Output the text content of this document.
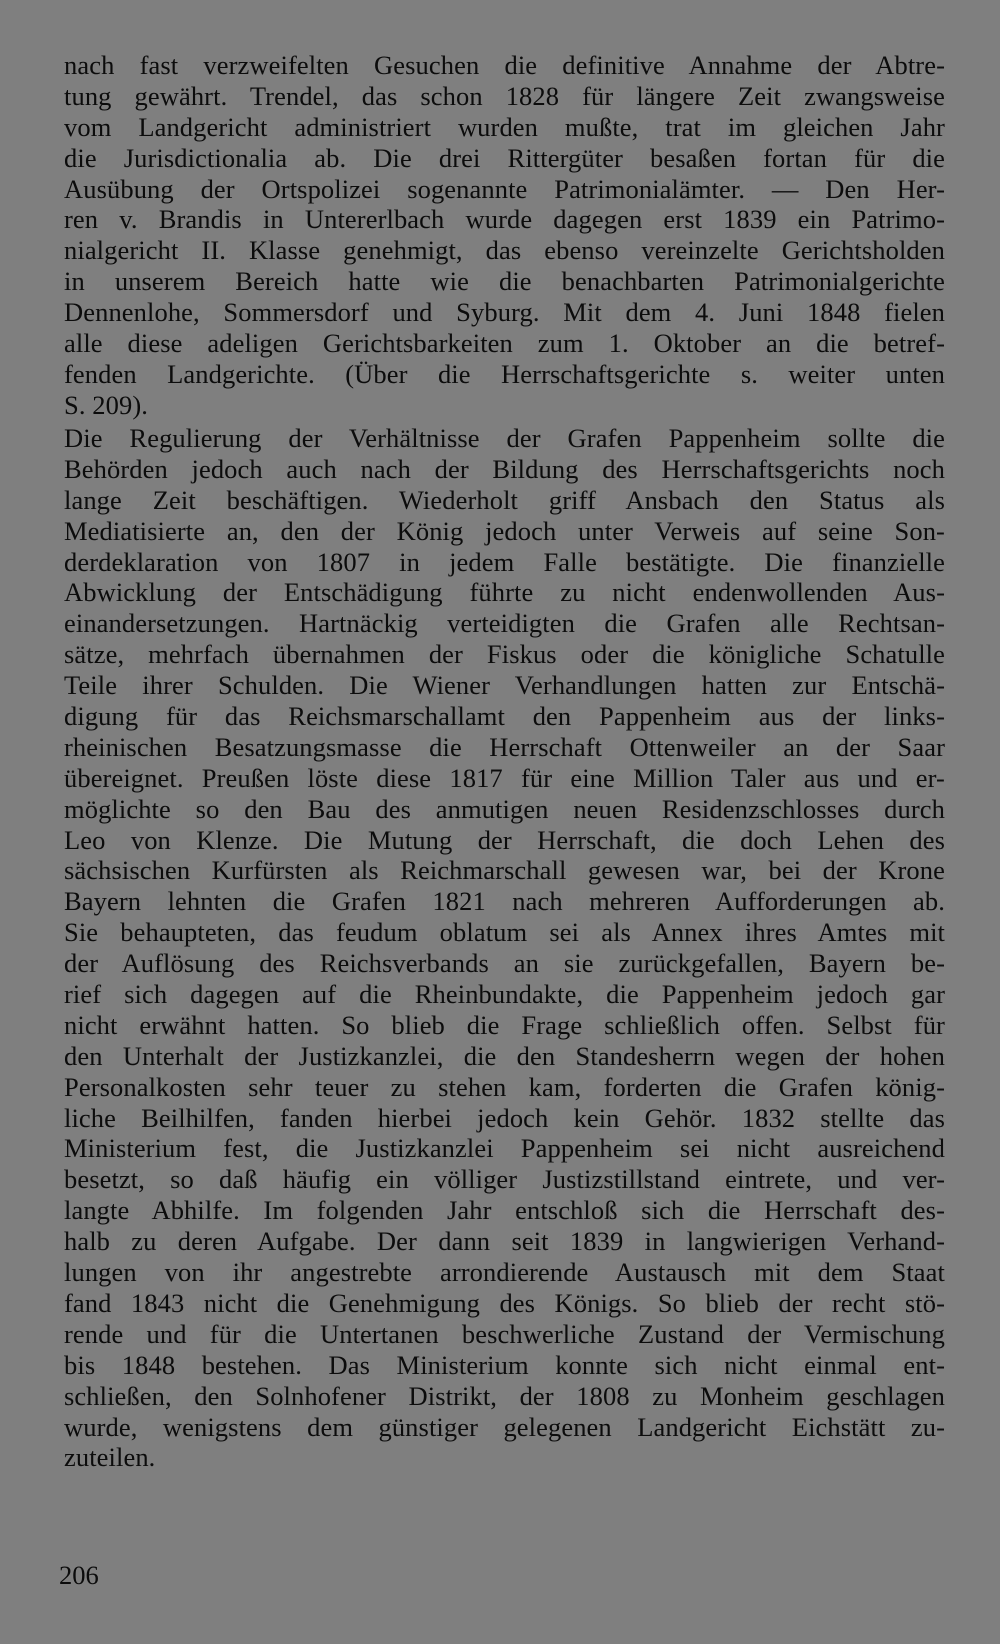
nach fast verzweifelten Gesuchen die definitive Annahme der Abtre-
tung gewährt. Trendel, das schon 1828 für längere Zeit zwangsweise
vom Landgericht administriert wurden mußte, trat im gleichen Jahr
die Jurisdictionalia ab. Die drei Rittergüter besaßen fortan für die
Ausübung der Ortspolizei sogenannte Patrimonialämter. — Den Her-
ren v. Brandis in Untererlbach wurde dagegen erst 1839 ein Patrimo-
nialgericht II. Klasse genehmigt, das ebenso vereinzelte Gerichtsholden
in unserem Bereich hatte wie die benachbarten Patrimonialgerichte
Dennenlohe, Sommersdorf und Syburg. Mit dem 4. Juni 1848 fielen
alle diese adeligen Gerichtsbarkeiten zum 1. Oktober an die betref-
fenden Landgerichte. (Über die Herrschaftsgerichte s. weiter unten
S. 209).
Die Regulierung der Verhältnisse der Grafen Pappenheim sollte die
Behörden jedoch auch nach der Bildung des Herrschaftsgerichts noch
lange Zeit beschäftigen. Wiederholt griff Ansbach den Status als
Mediatisierte an, den der König jedoch unter Verweis auf seine Son-
derdeklaration von 1807 in jedem Falle bestätigte. Die finanzielle
Abwicklung der Entschädigung führte zu nicht endenwollenden Aus-
einandersetzungen. Hartnäckig verteidigten die Grafen alle Rechtsan-
sätze, mehrfach übernahmen der Fiskus oder die königliche Schatulle
Teile ihrer Schulden. Die Wiener Verhandlungen hatten zur Entschä-
digung für das Reichsmarschallamt den Pappenheim aus der links-
rheinischen Besatzungsmasse die Herrschaft Ottenweiler an der Saar
übereignet. Preußen löste diese 1817 für eine Million Taler aus und er-
möglichte so den Bau des anmutigen neuen Residenzschlosses durch
Leo von Klenze. Die Mutung der Herrschaft, die doch Lehen des
sächsischen Kurfürsten als Reichmarschall gewesen war, bei der Krone
Bayern lehnten die Grafen 1821 nach mehreren Aufforderungen ab.
Sie behaupteten, das feudum oblatum sei als Annex ihres Amtes mit
der Auflösung des Reichsverbands an sie zurückgefallen, Bayern be-
rief sich dagegen auf die Rheinbundakte, die Pappenheim jedoch gar
nicht erwähnt hatten. So blieb die Frage schließlich offen. Selbst für
den Unterhalt der Justizkanzlei, die den Standesherrn wegen der hohen
Personalkosten sehr teuer zu stehen kam, forderten die Grafen könig-
liche Beilhilfen, fanden hierbei jedoch kein Gehör. 1832 stellte das
Ministerium fest, die Justizkanzlei Pappenheim sei nicht ausreichend
besetzt, so daß häufig ein völliger Justizstillstand eintrete, und ver-
langte Abhilfe. Im folgenden Jahr entschloß sich die Herrschaft des-
halb zu deren Aufgabe. Der dann seit 1839 in langwierigen Verhand-
lungen von ihr angestrebte arrondierende Austausch mit dem Staat
fand 1843 nicht die Genehmigung des Königs. So blieb der recht stö-
rende und für die Untertanen beschwerliche Zustand der Vermischung
bis 1848 bestehen. Das Ministerium konnte sich nicht einmal ent-
schließen, den Solnhofener Distrikt, der 1808 zu Monheim geschlagen
wurde, wenigstens dem günstiger gelegenen Landgericht Eichstätt zu-
zuteilen.
206
